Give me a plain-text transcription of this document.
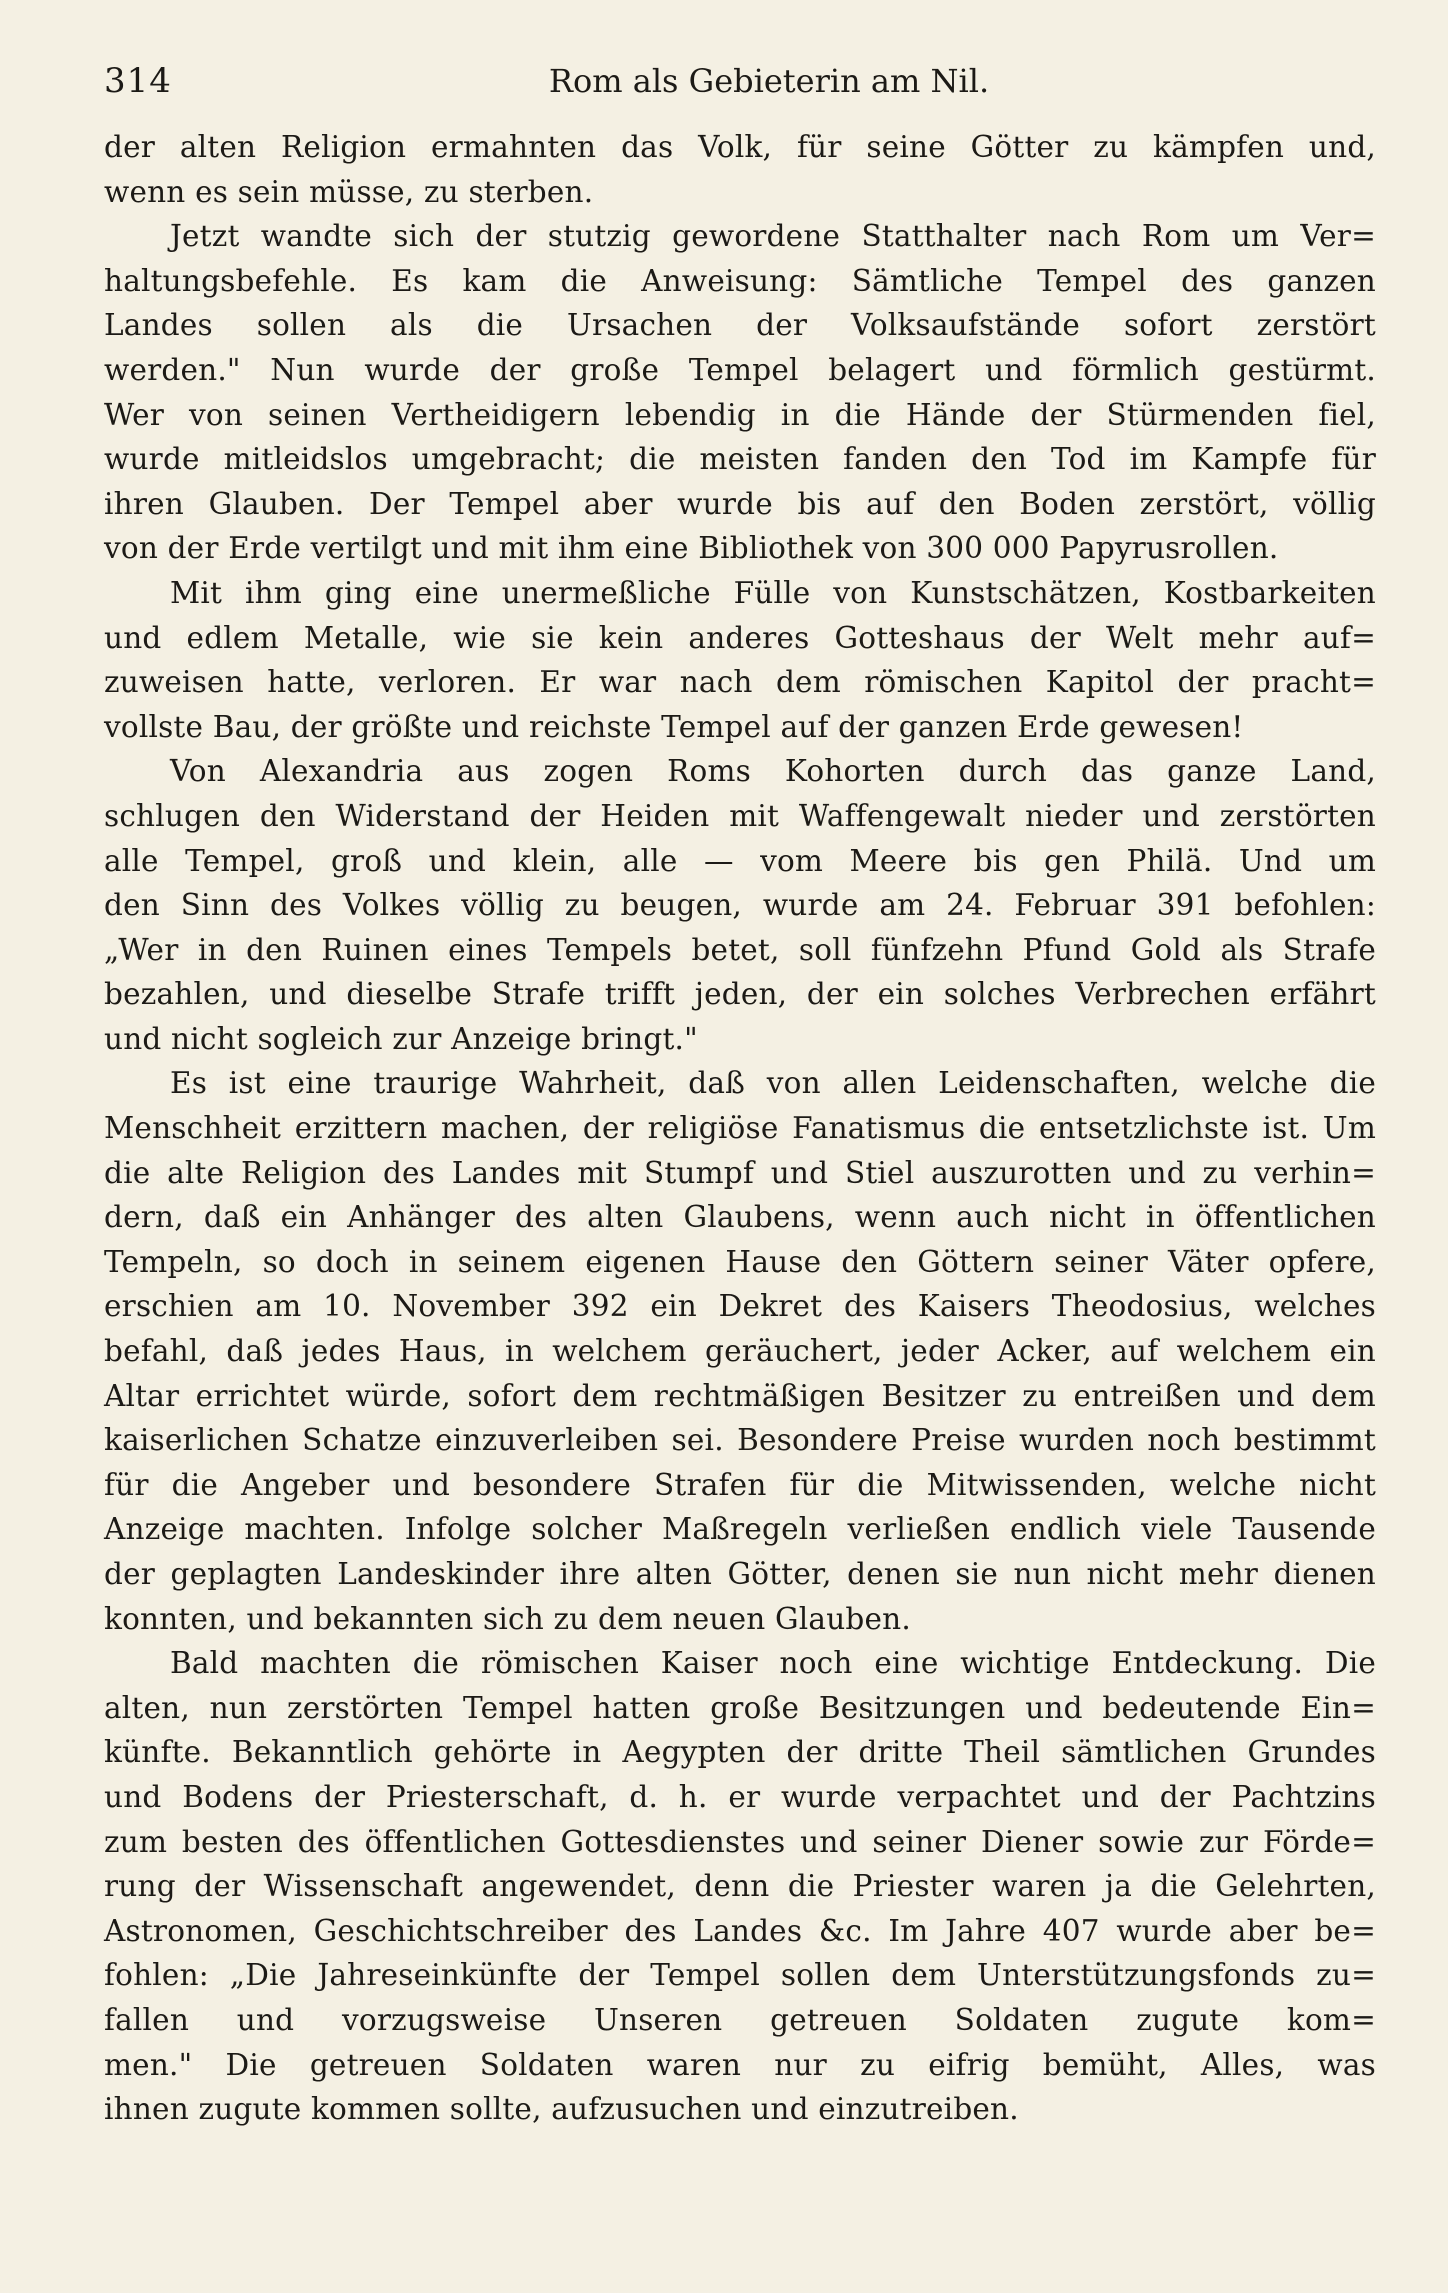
314	Rom als Gebieterin am Nil.
der alten Religion ermahnten das Volk, für seine Götter zu kämpfen und,
wenn es sein müsse, zu sterben.
Jetzt wandte sich der stutzig gewordene Statthalter nach Rom um Ver=
haltungsbefehle. Es kam die Anweisung: Sämtliche Tempel des ganzen
Landes sollen als die Ursachen der Volksaufstände sofort zerstört
werden." Nun wurde der große Tempel belagert und förmlich gestürmt.
Wer von seinen Vertheidigern lebendig in die Hände der Stürmenden fiel,
wurde mitleidslos umgebracht; die meisten fanden den Tod im Kampfe für
ihren Glauben. Der Tempel aber wurde bis auf den Boden zerstört, völlig
von der Erde vertilgt und mit ihm eine Bibliothek von 300 000 Papyrusrollen.
Mit ihm ging eine unermeßliche Fülle von Kunstschätzen, Kostbarkeiten
und edlem Metalle, wie sie kein anderes Gotteshaus der Welt mehr auf=
zuweisen hatte, verloren. Er war nach dem römischen Kapitol der pracht=
vollste Bau, der größte und reichste Tempel auf der ganzen Erde gewesen!
Von Alexandria aus zogen Roms Kohorten durch das ganze Land,
schlugen den Widerstand der Heiden mit Waffengewalt nieder und zerstörten
alle Tempel, groß und klein, alle — vom Meere bis gen Philä. Und um
den Sinn des Volkes völlig zu beugen, wurde am 24. Februar 391 befohlen:
„Wer in den Ruinen eines Tempels betet, soll fünfzehn Pfund Gold als Strafe
bezahlen, und dieselbe Strafe trifft jeden, der ein solches Verbrechen erfährt
und nicht sogleich zur Anzeige bringt."
Es ist eine traurige Wahrheit, daß von allen Leidenschaften, welche die
Menschheit erzittern machen, der religiöse Fanatismus die entsetzlichste ist. Um
die alte Religion des Landes mit Stumpf und Stiel auszurotten und zu verhin=
dern, daß ein Anhänger des alten Glaubens, wenn auch nicht in öffentlichen
Tempeln, so doch in seinem eigenen Hause den Göttern seiner Väter opfere,
erschien am 10. November 392 ein Dekret des Kaisers Theodosius, welches
befahl, daß jedes Haus, in welchem geräuchert, jeder Acker, auf welchem ein
Altar errichtet würde, sofort dem rechtmäßigen Besitzer zu entreißen und dem
kaiserlichen Schatze einzuverleiben sei. Besondere Preise wurden noch bestimmt
für die Angeber und besondere Strafen für die Mitwissenden, welche nicht
Anzeige machten. Infolge solcher Maßregeln verließen endlich viele Tausende
der geplagten Landeskinder ihre alten Götter, denen sie nun nicht mehr dienen
konnten, und bekannten sich zu dem neuen Glauben.
Bald machten die römischen Kaiser noch eine wichtige Entdeckung. Die
alten, nun zerstörten Tempel hatten große Besitzungen und bedeutende Ein=
künfte. Bekanntlich gehörte in Aegypten der dritte Theil sämtlichen Grundes
und Bodens der Priesterschaft, d. h. er wurde verpachtet und der Pachtzins
zum besten des öffentlichen Gottesdienstes und seiner Diener sowie zur Förde=
rung der Wissenschaft angewendet, denn die Priester waren ja die Gelehrten,
Astronomen, Geschichtschreiber des Landes &c. Im Jahre 407 wurde aber be=
fohlen: „Die Jahreseinkünfte der Tempel sollen dem Unterstützungsfonds zu=
fallen und vorzugsweise Unseren getreuen Soldaten zugute kom=
men." Die getreuen Soldaten waren nur zu eifrig bemüht, Alles, was
ihnen zugute kommen sollte, aufzusuchen und einzutreiben.
